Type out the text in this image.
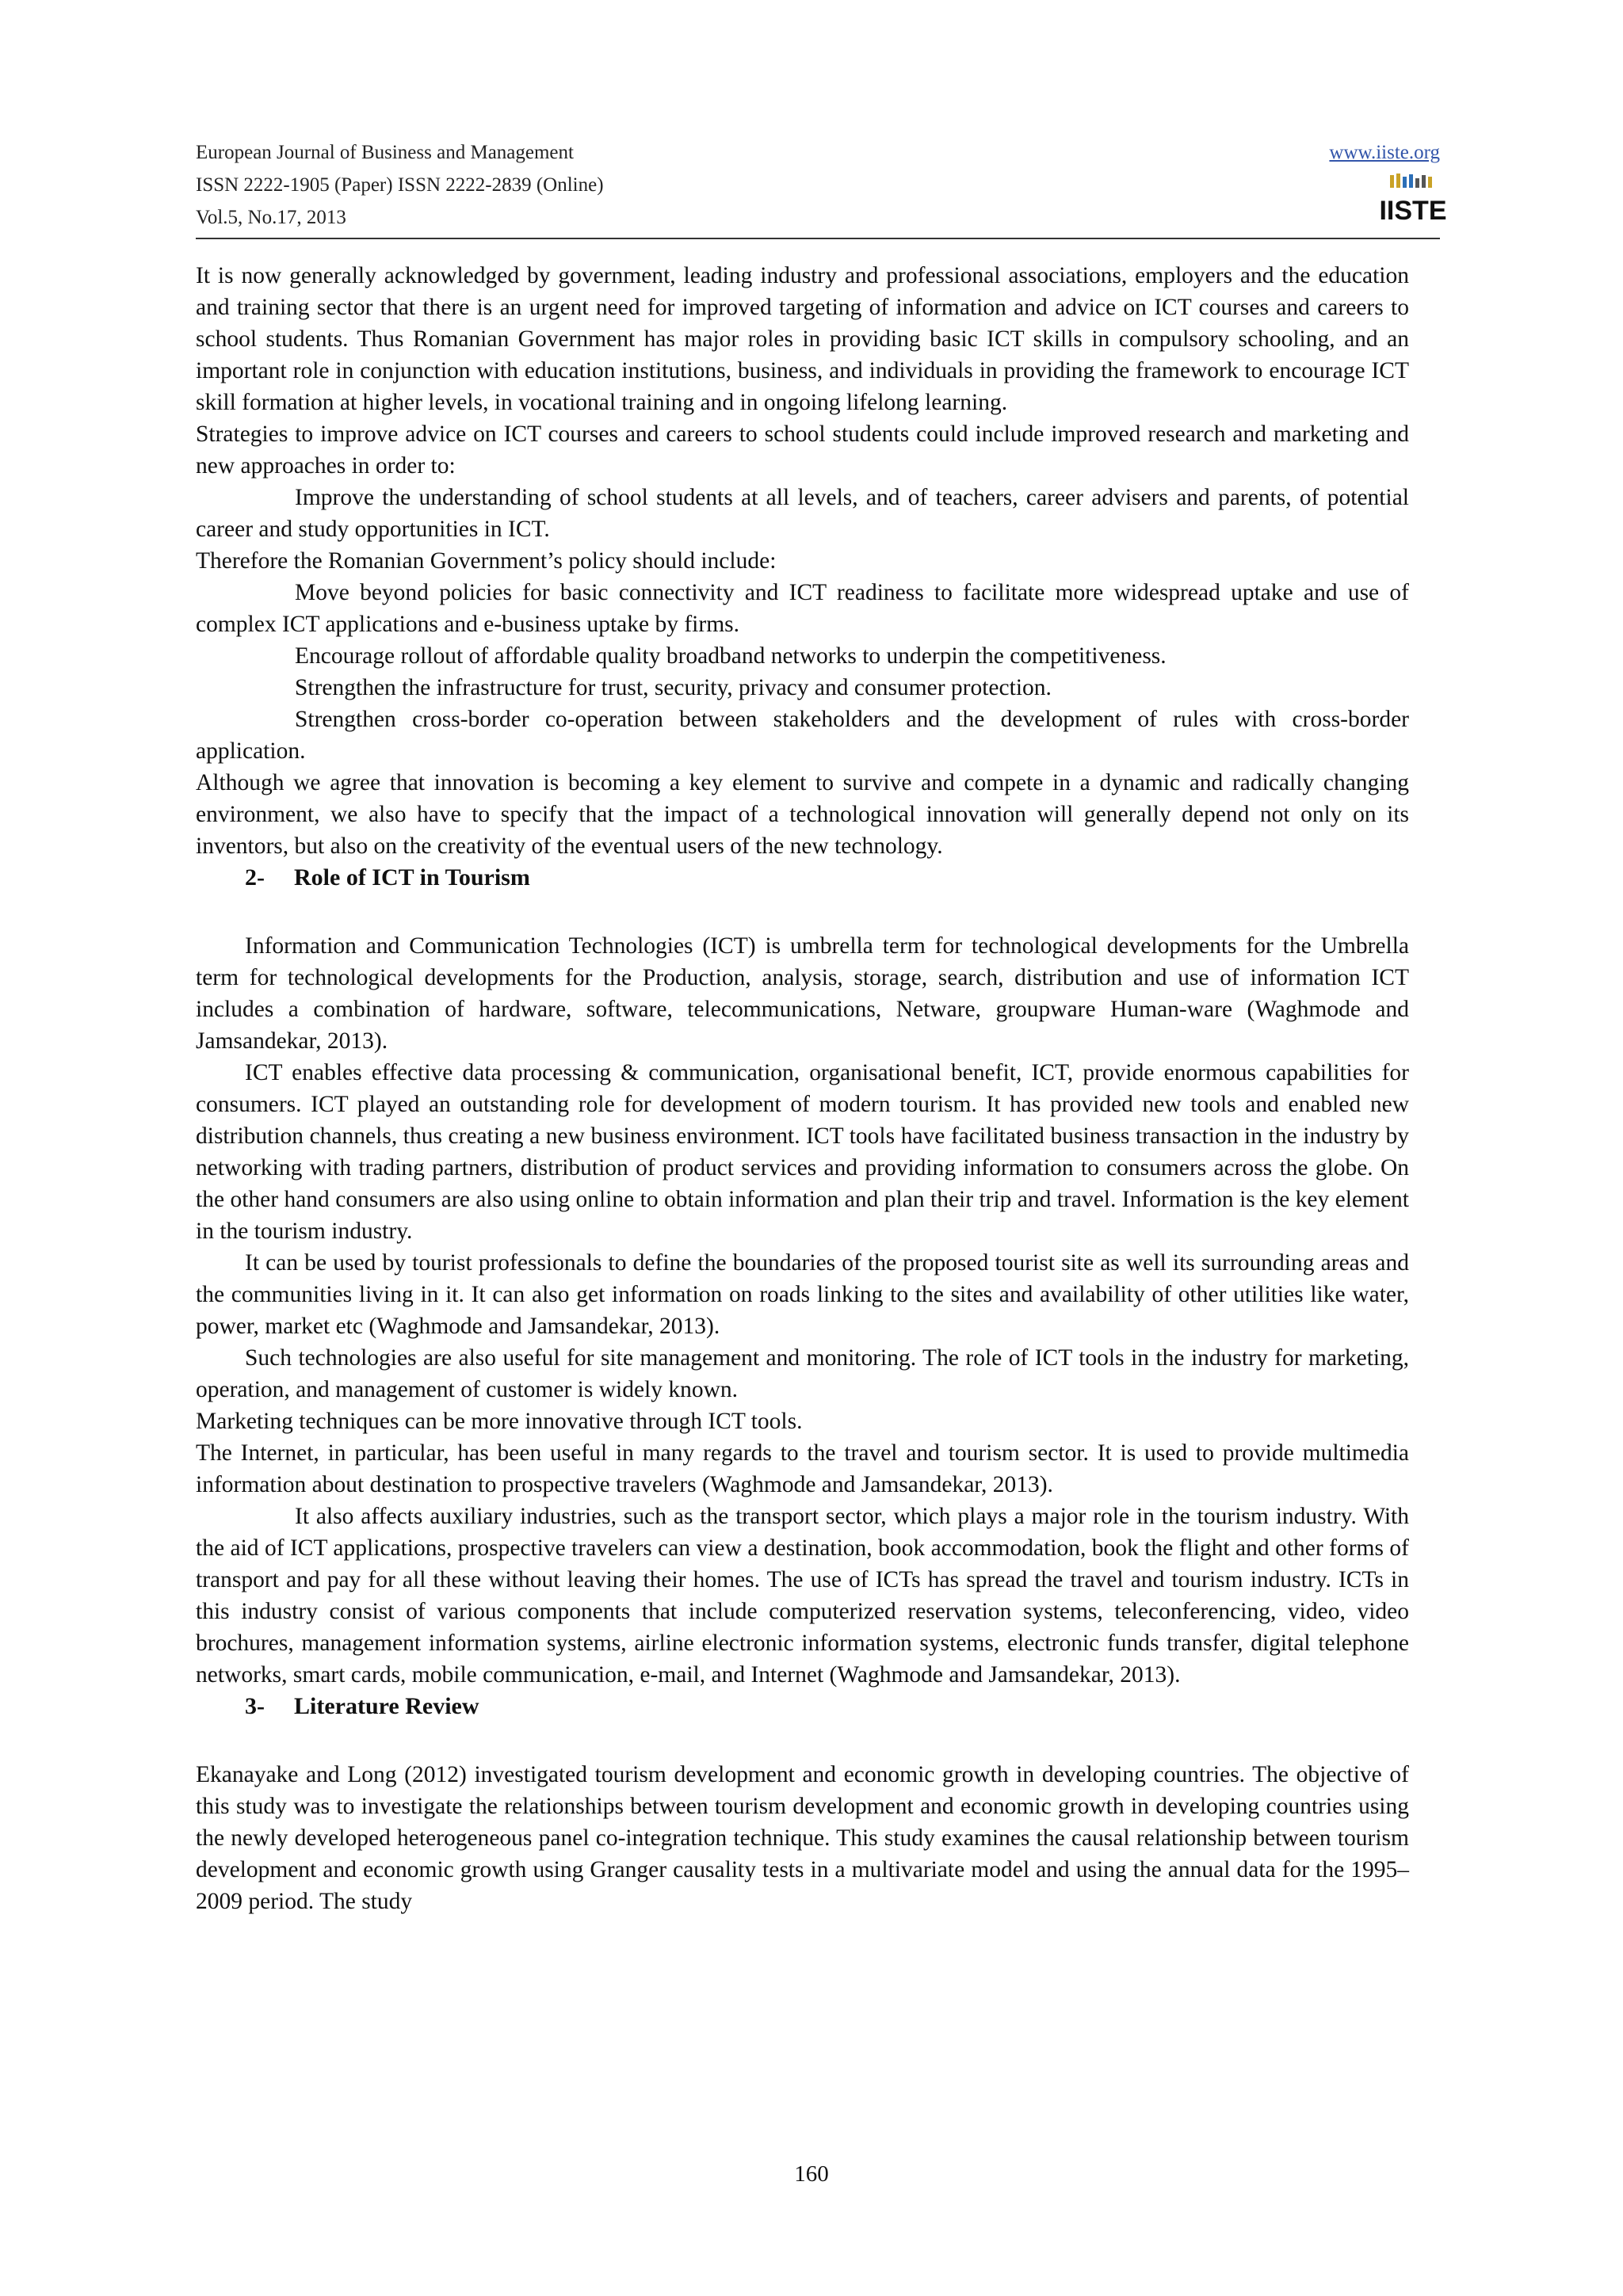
European Journal of Business and Management
ISSN 2222-1905 (Paper) ISSN 2222-2839 (Online)
Vol.5, No.17, 2013
www.iiste.org
IISTE

It is now generally acknowledged by government, leading industry and professional associations, employers and the education and training sector that there is an urgent need for improved targeting of information and advice on ICT courses and careers to school students. Thus Romanian Government has major roles in providing basic ICT skills in compulsory schooling, and an important role in conjunction with education institutions, business, and individuals in providing the framework to encourage ICT skill formation at higher levels, in vocational training and in ongoing lifelong learning.

Strategies to improve advice on ICT courses and careers to school students could include improved research and marketing and new approaches in order to:

Improve the understanding of school students at all levels, and of teachers, career advisers and parents, of potential career and study opportunities in ICT.

Therefore the Romanian Government’s policy should include:

Move beyond policies for basic connectivity and ICT readiness to facilitate more widespread uptake and use of complex ICT applications and e-business uptake by firms.

Encourage rollout of affordable quality broadband networks to underpin the competitiveness.

Strengthen the infrastructure for trust, security, privacy and consumer protection.

Strengthen cross-border co-operation between stakeholders and the development of rules with cross-border application.

Although we agree that innovation is becoming a key element to survive and compete in a dynamic and radically changing environment, we also have to specify that the impact of a technological innovation will generally depend not only on its inventors, but also on the creativity of the eventual users of the new technology.

2- Role of ICT in Tourism

Information and Communication Technologies (ICT) is umbrella term for technological developments for the Umbrella term for technological developments for the Production, analysis, storage, search, distribution and use of information ICT includes a combination of hardware, software, telecommunications, Netware, groupware Human-ware (Waghmode and Jamsandekar, 2013).

ICT enables effective data processing & communication, organisational benefit, ICT, provide enormous capabilities for consumers. ICT played an outstanding role for development of modern tourism. It has provided new tools and enabled new distribution channels, thus creating a new business environment. ICT tools have facilitated business transaction in the industry by networking with trading partners, distribution of product services and providing information to consumers across the globe. On the other hand consumers are also using online to obtain information and plan their trip and travel. Information is the key element in the tourism industry.

It can be used by tourist professionals to define the boundaries of the proposed tourist site as well its surrounding areas and the communities living in it. It can also get information on roads linking to the sites and availability of other utilities like water, power, market etc (Waghmode and Jamsandekar, 2013).

Such technologies are also useful for site management and monitoring. The role of ICT tools in the industry for marketing, operation, and management of customer is widely known.

Marketing techniques can be more innovative through ICT tools.

The Internet, in particular, has been useful in many regards to the travel and tourism sector. It is used to provide multimedia information about destination to prospective travelers (Waghmode and Jamsandekar, 2013).

It also affects auxiliary industries, such as the transport sector, which plays a major role in the tourism industry. With the aid of ICT applications, prospective travelers can view a destination, book accommodation, book the flight and other forms of transport and pay for all these without leaving their homes. The use of ICTs has spread the travel and tourism industry. ICTs in this industry consist of various components that include computerized reservation systems, teleconferencing, video, video brochures, management information systems, airline electronic information systems, electronic funds transfer, digital telephone networks, smart cards, mobile communication, e-mail, and Internet (Waghmode and Jamsandekar, 2013).

3- Literature Review

Ekanayake and Long (2012) investigated tourism development and economic growth in developing countries. The objective of this study was to investigate the relationships between tourism development and economic growth in developing countries using the newly developed heterogeneous panel co-integration technique. This study examines the causal relationship between tourism development and economic growth using Granger causality tests in a multivariate model and using the annual data for the 1995–2009 period. The study

160
